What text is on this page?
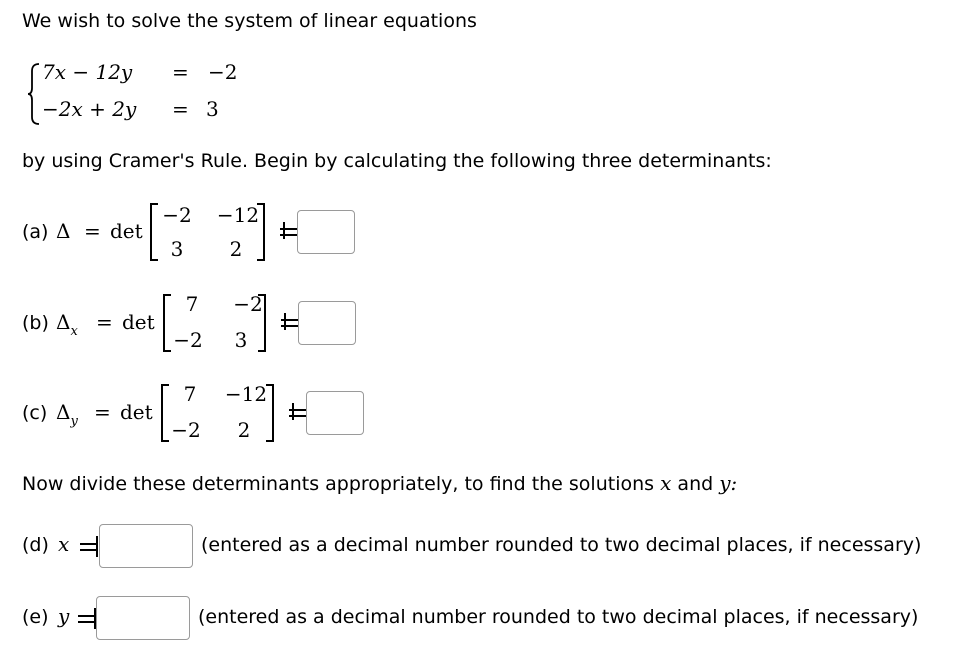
We wish to solve the system of linear equations
7x − 12y = −2
−2x + 2y = 3
by using Cramer's Rule. Begin by calculating the following three determinants:
(a) Δ = det
−2	−12
3	2
(b) $\Delta_x = \det$
7	−2
−2	3
(c) $\Delta_y = \det$
7	−12
−2	2
Now divide these determinants appropriately, to find the solutions x and y:
(d) x	(entered as a decimal number rounded to two decimal places, if necessary)
(e) y	(entered as a decimal number rounded to two decimal places, if necessary)
